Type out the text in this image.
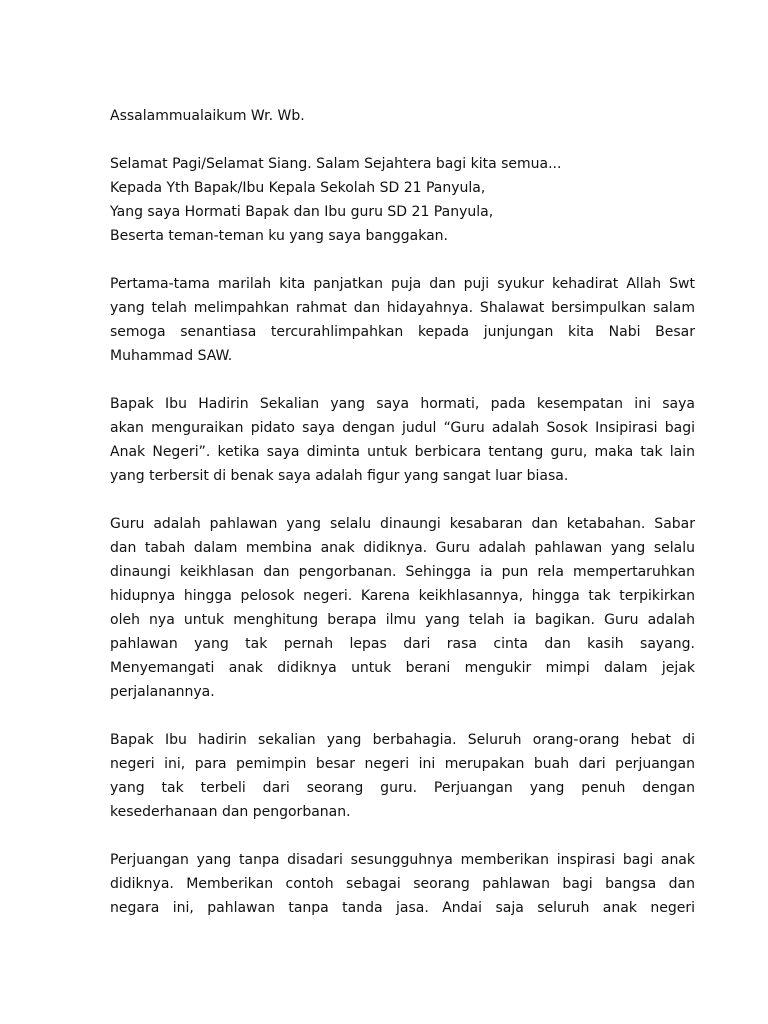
Assalammualaikum Wr. Wb.
Selamat Pagi/Selamat Siang. Salam Sejahtera bagi kita semua...
Kepada Yth Bapak/Ibu Kepala Sekolah SD 21 Panyula,
Yang saya Hormati Bapak dan Ibu guru SD 21 Panyula,
Beserta teman-teman ku yang saya banggakan.
Pertama-tama marilah kita panjatkan puja dan puji syukur kehadirat Allah Swt
yang telah melimpahkan rahmat dan hidayahnya. Shalawat bersimpulkan salam
semoga senantiasa tercurahlimpahkan kepada junjungan kita Nabi Besar
Muhammad SAW.
Bapak Ibu Hadirin Sekalian yang saya hormati, pada kesempatan ini saya
akan menguraikan pidato saya dengan judul “Guru adalah Sosok Insipirasi bagi
Anak Negeri”. ketika saya diminta untuk berbicara tentang guru, maka tak lain
yang terbersit di benak saya adalah figur yang sangat luar biasa.
Guru adalah pahlawan yang selalu dinaungi kesabaran dan ketabahan. Sabar
dan tabah dalam membina anak didiknya. Guru adalah pahlawan yang selalu
dinaungi keikhlasan dan pengorbanan. Sehingga ia pun rela mempertaruhkan
hidupnya hingga pelosok negeri. Karena keikhlasannya, hingga tak terpikirkan
oleh nya untuk menghitung berapa ilmu yang telah ia bagikan. Guru adalah
pahlawan yang tak pernah lepas dari rasa cinta dan kasih sayang.
Menyemangati anak didiknya untuk berani mengukir mimpi dalam jejak
perjalanannya.
Bapak Ibu hadirin sekalian yang berbahagia. Seluruh orang-orang hebat di
negeri ini, para pemimpin besar negeri ini merupakan buah dari perjuangan
yang tak terbeli dari seorang guru. Perjuangan yang penuh dengan
kesederhanaan dan pengorbanan.
Perjuangan yang tanpa disadari sesungguhnya memberikan inspirasi bagi anak
didiknya. Memberikan contoh sebagai seorang pahlawan bagi bangsa dan
negara ini, pahlawan tanpa tanda jasa. Andai saja seluruh anak negeri
